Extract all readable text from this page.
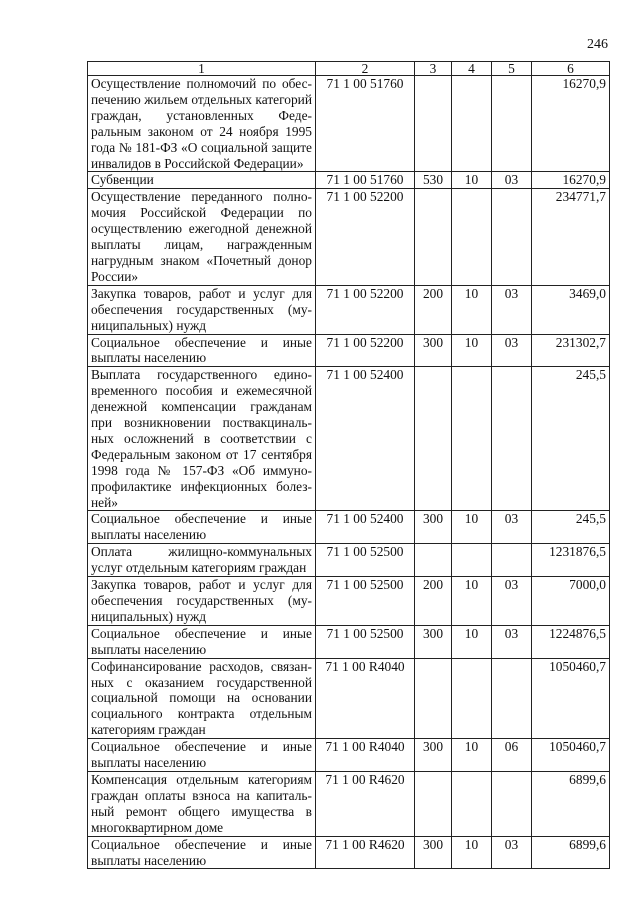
246
1	2	3	4	5	6
Осуществление полномочий по обеспечению жильем отдельных категорий граждан, установленных Федеральным законом от 24 ноября 1995 года № 181-ФЗ «О социальной защите инвалидов в Российской Федерации»	71 1 00 51760				16270,9
Субвенции	71 1 00 51760	530	10	03	16270,9
Осуществление переданного полномочия Российской Федерации по осуществлению ежегодной денежной выплаты лицам, награжденным нагрудным знаком «Почетный донор России»	71 1 00 52200				234771,7
Закупка товаров, работ и услуг для обеспечения государственных (муниципальных) нужд	71 1 00 52200	200	10	03	3469,0
Социальное обеспечение и иные выплаты населению	71 1 00 52200	300	10	03	231302,7
Выплата государственного единовременного пособия и ежемесячной денежной компенсации гражданам при возникновении поствакцинальных осложнений в соответствии с Федеральным законом от 17 сентября 1998 года № 157-ФЗ «Об иммунопрофилактике инфекционных болезней»	71 1 00 52400				245,5
Социальное обеспечение и иные выплаты населению	71 1 00 52400	300	10	03	245,5
Оплата жилищно-коммунальных услуг отдельным категориям граждан	71 1 00 52500				1231876,5
Закупка товаров, работ и услуг для обеспечения государственных (муниципальных) нужд	71 1 00 52500	200	10	03	7000,0
Социальное обеспечение и иные выплаты населению	71 1 00 52500	300	10	03	1224876,5
Софинансирование расходов, связанных с оказанием государственной социальной помощи на основании социального контракта отдельным категориям граждан	71 1 00 R4040				1050460,7
Социальное обеспечение и иные выплаты населению	71 1 00 R4040	300	10	06	1050460,7
Компенсация отдельным категориям граждан оплаты взноса на капитальный ремонт общего имущества в многоквартирном доме	71 1 00 R4620				6899,6
Социальное обеспечение и иные выплаты населению	71 1 00 R4620	300	10	03	6899,6
